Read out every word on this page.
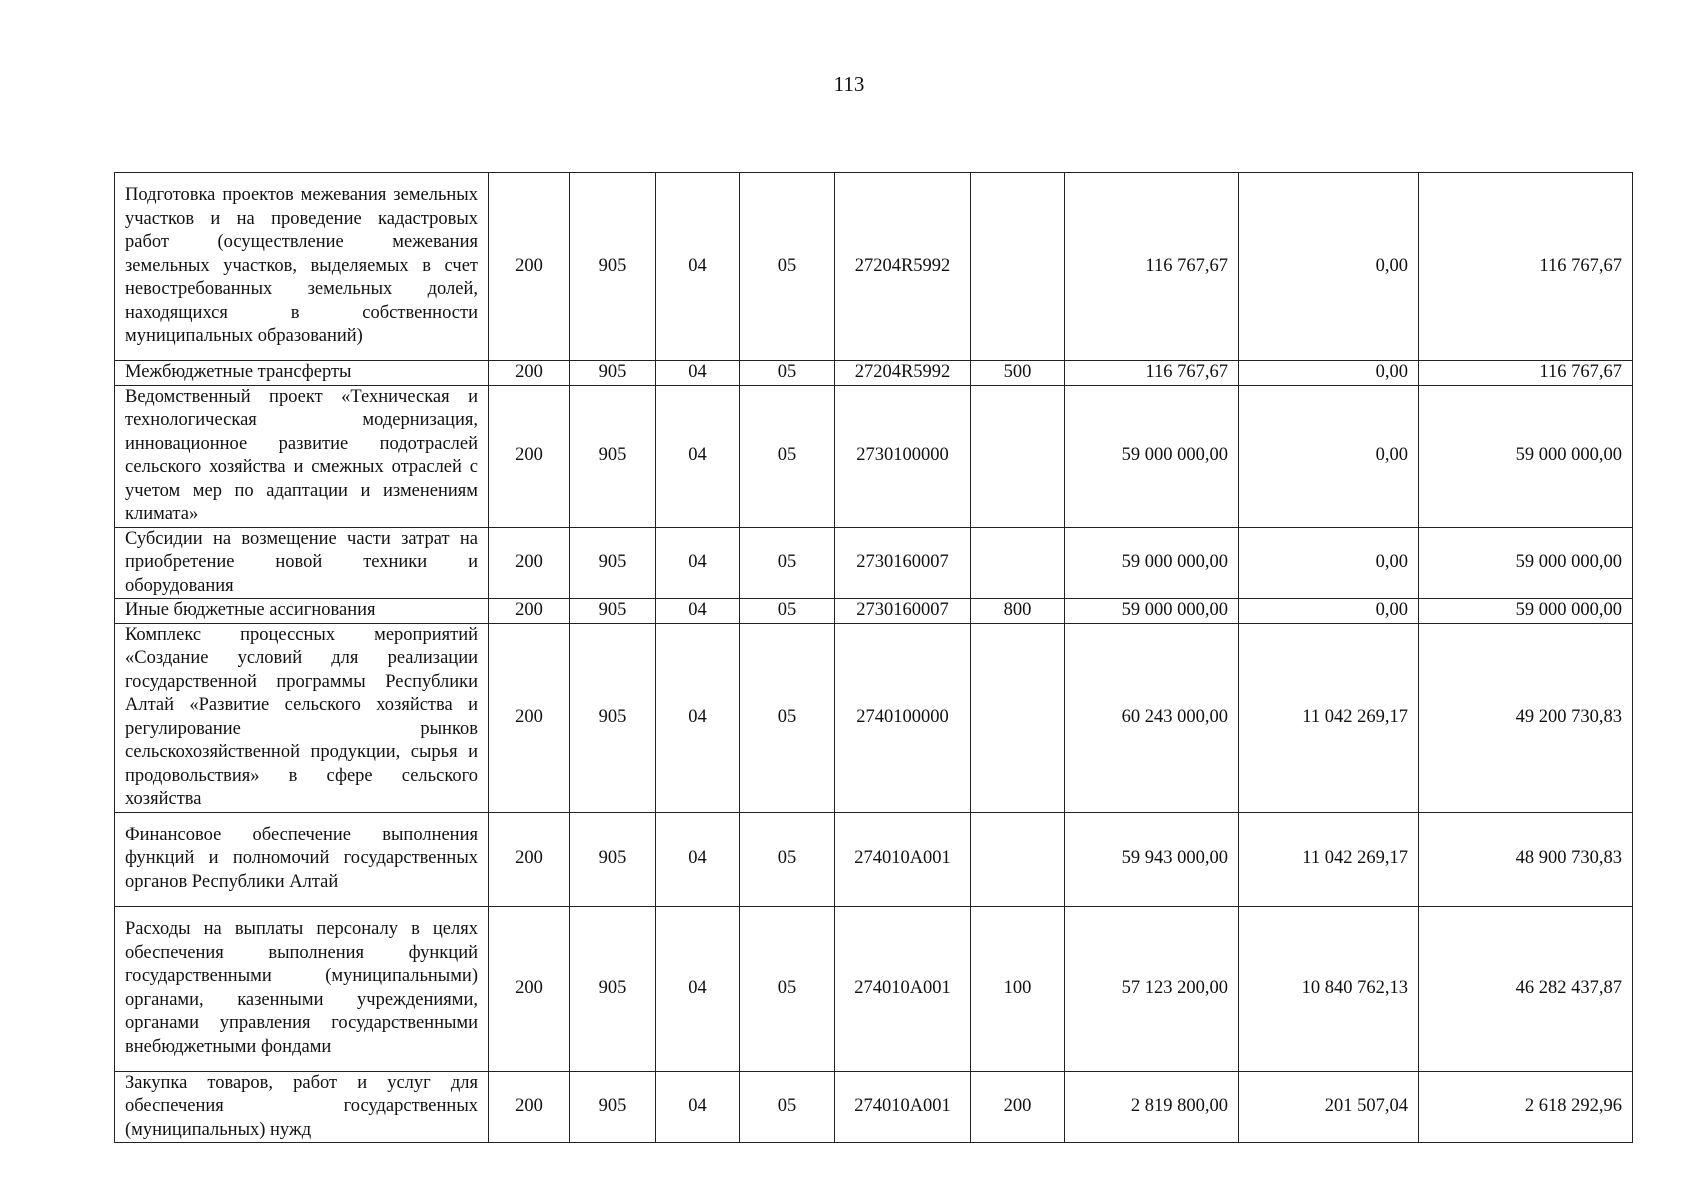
113
Подготовка проектов межевания земельных участков и на проведение кадастровых работ (осуществление межевания земельных участков, выделяемых в счет невостребованных земельных долей, находящихся в собственности муниципальных образований)	200	905	04	05	27204R5992		116 767,67	0,00	116 767,67
Межбюджетные трансферты	200	905	04	05	27204R5992	500	116 767,67	0,00	116 767,67
Ведомственный проект «Техническая и технологическая модернизация, инновационное развитие подотраслей сельского хозяйства и смежных отраслей с учетом мер по адаптации и изменениям климата»	200	905	04	05	2730100000		59 000 000,00	0,00	59 000 000,00
Субсидии на возмещение части затрат на приобретение новой техники и оборудования	200	905	04	05	2730160007		59 000 000,00	0,00	59 000 000,00
Иные бюджетные ассигнования	200	905	04	05	2730160007	800	59 000 000,00	0,00	59 000 000,00
Комплекс процессных мероприятий «Создание условий для реализации государственной программы Республики Алтай «Развитие сельского хозяйства и регулирование рынков сельскохозяйственной продукции, сырья и продовольствия» в сфере сельского хозяйства	200	905	04	05	2740100000		60 243 000,00	11 042 269,17	49 200 730,83
Финансовое обеспечение выполнения функций и полномочий государственных органов Республики Алтай	200	905	04	05	274010А001		59 943 000,00	11 042 269,17	48 900 730,83
Расходы на выплаты персоналу в целях обеспечения выполнения функций государственными (муниципальными) органами, казенными учреждениями, органами управления государственными внебюджетными фондами	200	905	04	05	274010А001	100	57 123 200,00	10 840 762,13	46 282 437,87
Закупка товаров, работ и услуг для обеспечения государственных (муниципальных) нужд	200	905	04	05	274010А001	200	2 819 800,00	201 507,04	2 618 292,96
